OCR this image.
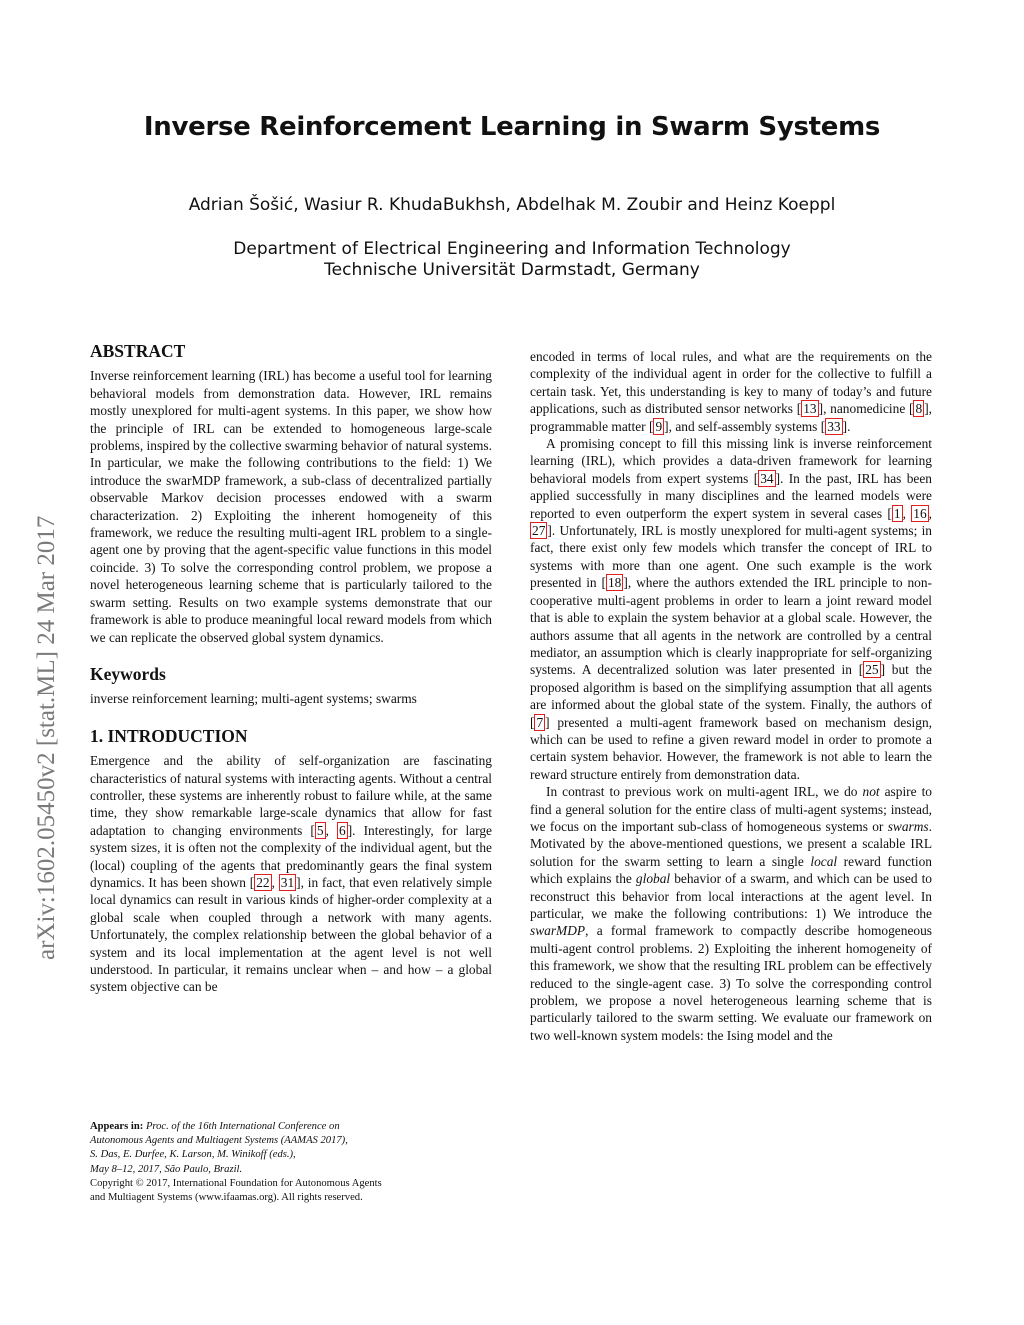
Inverse Reinforcement Learning in Swarm Systems
Adrian Šošić, Wasiur R. KhudaBukhsh, Abdelhak M. Zoubir and Heinz Koeppl
Department of Electrical Engineering and Information Technology
Technische Universität Darmstadt, Germany
arXiv:1602.05450v2 [stat.ML] 24 Mar 2017
ABSTRACT

Inverse reinforcement learning (IRL) has become a useful tool for learning behavioral models from demonstration data. However, IRL remains mostly unexplored for multi-agent systems. In this paper, we show how the principle of IRL can be extended to homogeneous large-scale problems, inspired by the collective swarming behavior of natural systems. In particular, we make the following contributions to the field: 1) We introduce the swarMDP framework, a sub-class of decentralized partially observable Markov decision processes endowed with a swarm characterization. 2) Exploiting the inherent homogeneity of this framework, we reduce the resulting multi-agent IRL problem to a single-agent one by proving that the agent-specific value functions in this model coincide. 3) To solve the corresponding control problem, we propose a novel heterogeneous learning scheme that is particularly tailored to the swarm setting. Results on two example systems demonstrate that our framework is able to produce meaningful local reward models from which we can replicate the observed global system dynamics.

Keywords

inverse reinforcement learning; multi-agent systems; swarms

1. INTRODUCTION

Emergence and the ability of self-organization are fascinating characteristics of natural systems with interacting agents. Without a central controller, these systems are inherently robust to failure while, at the same time, they show remarkable large-scale dynamics that allow for fast adaptation to changing environments [ 5 , 6 ]. Interestingly, for large system sizes, it is often not the complexity of the individual agent, but the (local) coupling of the agents that predominantly gears the final system dynamics. It has been shown [ 22 , 31 ], in fact, that even relatively simple local dynamics can result in various kinds of higher-order complexity at a global scale when coupled through a network with many agents. Unfortunately, the complex relationship between the global behavior of a system and its local implementation at the agent level is not well understood. In particular, it remains unclear when – and how – a global system objective can be

encoded in terms of local rules, and what are the requirements on the complexity of the individual agent in order for the collective to fulfill a certain task. Yet, this understanding is key to many of today’s and future applications, such as distributed sensor networks [ 13 ], nanomedicine [ 8 ], programmable matter [ 9 ], and self-assembly systems [ 33 ].

A promising concept to fill this missing link is inverse reinforcement learning (IRL), which provides a data-driven framework for learning behavioral models from expert systems [ 34 ]. In the past, IRL has been applied successfully in many disciplines and the learned models were reported to even outperform the expert system in several cases [ 1 , 16 , 27 ]. Unfortunately, IRL is mostly unexplored for multi-agent systems; in fact, there exist only few models which transfer the concept of IRL to systems with more than one agent. One such example is the work presented in [ 18 ], where the authors extended the IRL principle to non-cooperative multi-agent problems in order to learn a joint reward model that is able to explain the system behavior at a global scale. However, the authors assume that all agents in the network are controlled by a central mediator, an assumption which is clearly inappropriate for self-organizing systems. A decentralized solution was later presented in [ 25 ] but the proposed algorithm is based on the simplifying assumption that all agents are informed about the global state of the system. Finally, the authors of [ 7 ] presented a multi-agent framework based on mechanism design, which can be used to refine a given reward model in order to promote a certain system behavior. However, the framework is not able to learn the reward structure entirely from demonstration data.

In contrast to previous work on multi-agent IRL, we do not aspire to find a general solution for the entire class of multi-agent systems; instead, we focus on the important sub-class of homogeneous systems or swarms. Motivated by the above-mentioned questions, we present a scalable IRL solution for the swarm setting to learn a single local reward function which explains the global behavior of a swarm, and which can be used to reconstruct this behavior from local interactions at the agent level. In particular, we make the following contributions: 1) We introduce the swarMDP, a formal framework to compactly describe homogeneous multi-agent control problems. 2) Exploiting the inherent homogeneity of this framework, we show that the resulting IRL problem can be effectively reduced to the single-agent case. 3) To solve the corresponding control problem, we propose a novel heterogeneous learning scheme that is particularly tailored to the swarm setting. We evaluate our framework on two well-known system models: the Ising model and the

Appears in: Proc. of the 16th International Conference on
Autonomous Agents and Multiagent Systems (AAMAS 2017),
S. Das, E. Durfee, K. Larson, M. Winikoff (eds.),
May 8–12, 2017, São Paulo, Brazil.
Copyright © 2017, International Foundation for Autonomous Agents
and Multiagent Systems (www.ifaamas.org). All rights reserved.
